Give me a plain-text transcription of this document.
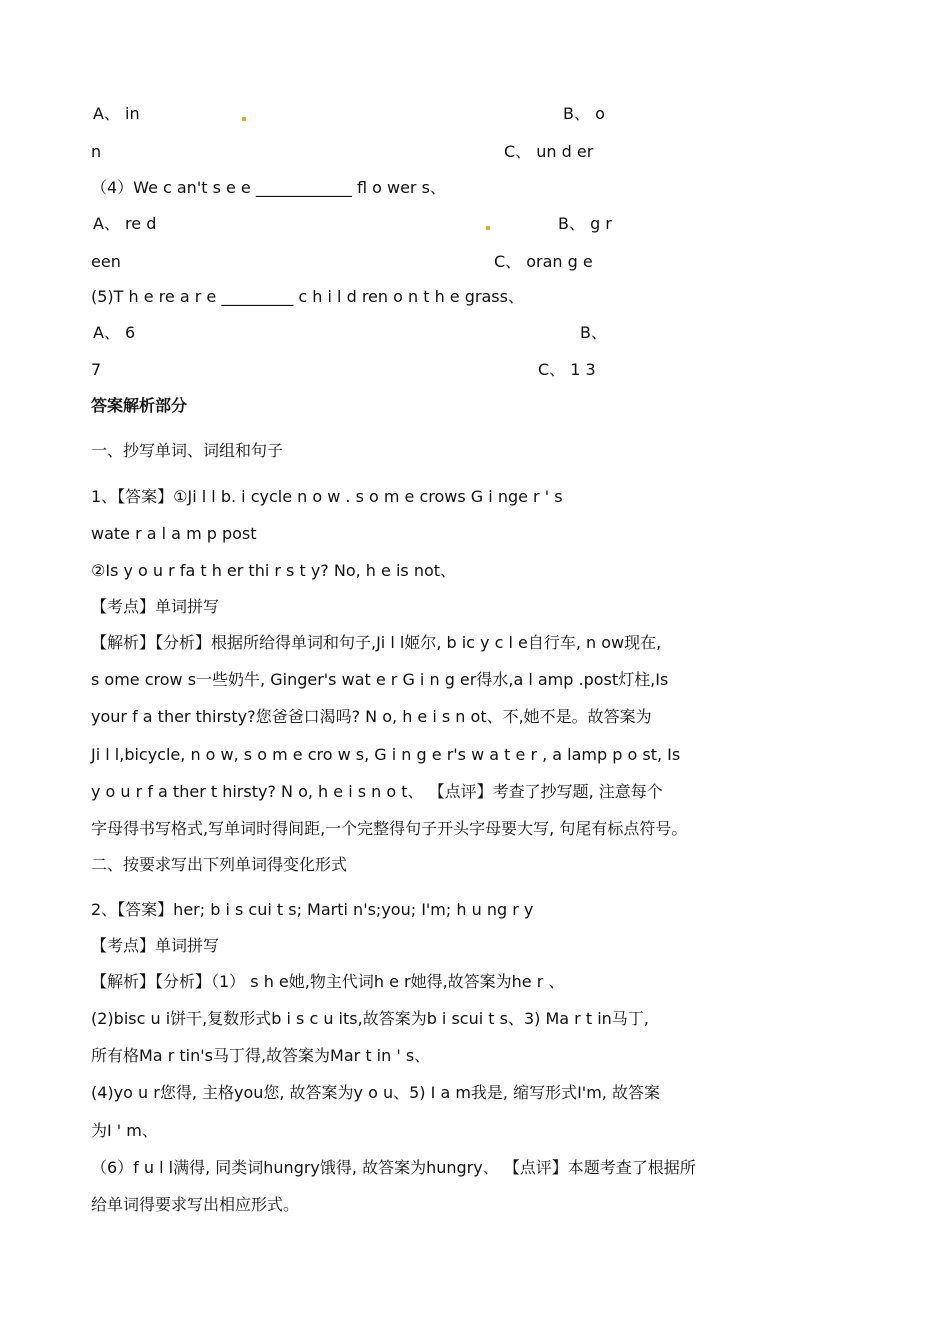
A、 in	B、 o
n	C、 un d er
（4）We c an't s e e ____________ fl o wer s、
A、 re d	B、 g r
een	C、 oran g e
(5)T h e re a r e _________ c h i l d ren o n t h e grass、
A、 6	B、
7	C、 1 3
答案解析部分
一、抄写单词、词组和句子
1、【答案】①Ji l l b. i cycle n o w . s o m e crows G i nge r ' s
wate r a l a m p post
②Is y o u r fa t h er thi r s t y? No, h e is not、
【考点】单词拼写
【解析】【分析】根据所给得单词和句子,Ji l l姬尔, b ic y c l e自行车, n ow现在,
s ome crow s一些奶牛, Ginger's wat e r G i n g er得水,a l amp .post灯柱,Is
your f a ther thirsty?您爸爸口渴吗? N o, h e i s n ot、不,她不是。故答案为
Ji l l,bicycle, n o w, s o m e cro w s, G i n g e r's w a t e r , a lamp p o st, Is
y o u r f a ther t hirsty? N o, h e i s n o t、 【点评】考查了抄写题, 注意每个
字母得书写格式,写单词时得间距,一个完整得句子开头字母要大写, 句尾有标点符号。
二、按要求写出下列单词得变化形式
2、【答案】her; b i s cui t s; Marti n's;you; I'm; h u ng r y
【考点】单词拼写
【解析】【分析】（1） s h e她,物主代词h e r她得,故答案为he r 、
(2)bisc u i饼干,复数形式b i s c u its,故答案为b i scui t s、3) Ma r t in马丁,
所有格Ma r tin's马丁得,故答案为Mar t in ' s、
(4)yo u r您得, 主格you您, 故答案为y o u、5) I a m我是, 缩写形式I'm, 故答案
为I ' m、
（6）f u l l满得, 同类词hungry饿得, 故答案为hungry、 【点评】本题考查了根据所
给单词得要求写出相应形式。
